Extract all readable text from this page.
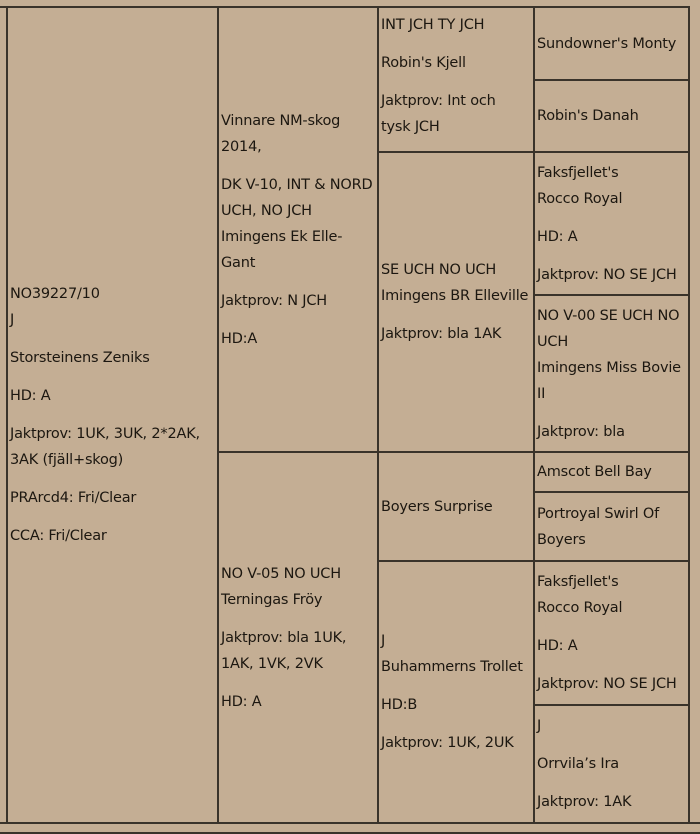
NO39227/10

J

Storsteinens Zeniks

HD: A

Jaktprov: 1UK, 3UK, 2*2AK,

3AK (fjäll+skog)

PRArcd4: Fri/Clear

CCA: Fri/Clear

Vinnare NM-skog

2014,

DK V-10, INT & NORD

UCH, NO JCH

Imingens Ek Elle-

Gant

Jaktprov: N JCH

HD:A

NO V-05 NO UCH

Terningas Fröy

Jaktprov: bla 1UK,

1AK, 1VK, 2VK

HD: A

INT JCH TY JCH

Robin's Kjell

Jaktprov: Int och

tysk JCH

SE UCH NO UCH

Imingens BR Elleville

Jaktprov: bla 1AK

Boyers Surprise

J

Buhammerns Trollet

HD:B

Jaktprov: 1UK, 2UK

Sundowner's Monty

Robin's Danah

Faksfjellet's

Rocco Royal

HD: A

Jaktprov: NO SE JCH

NO V-00 SE UCH NO

UCH

Imingens Miss Bovie

II

Jaktprov: bla

Amscot Bell Bay

Portroyal Swirl Of

Boyers

Faksfjellet's

Rocco Royal

HD: A

Jaktprov: NO SE JCH

J

Orrvila’s Ira

Jaktprov: 1AK
